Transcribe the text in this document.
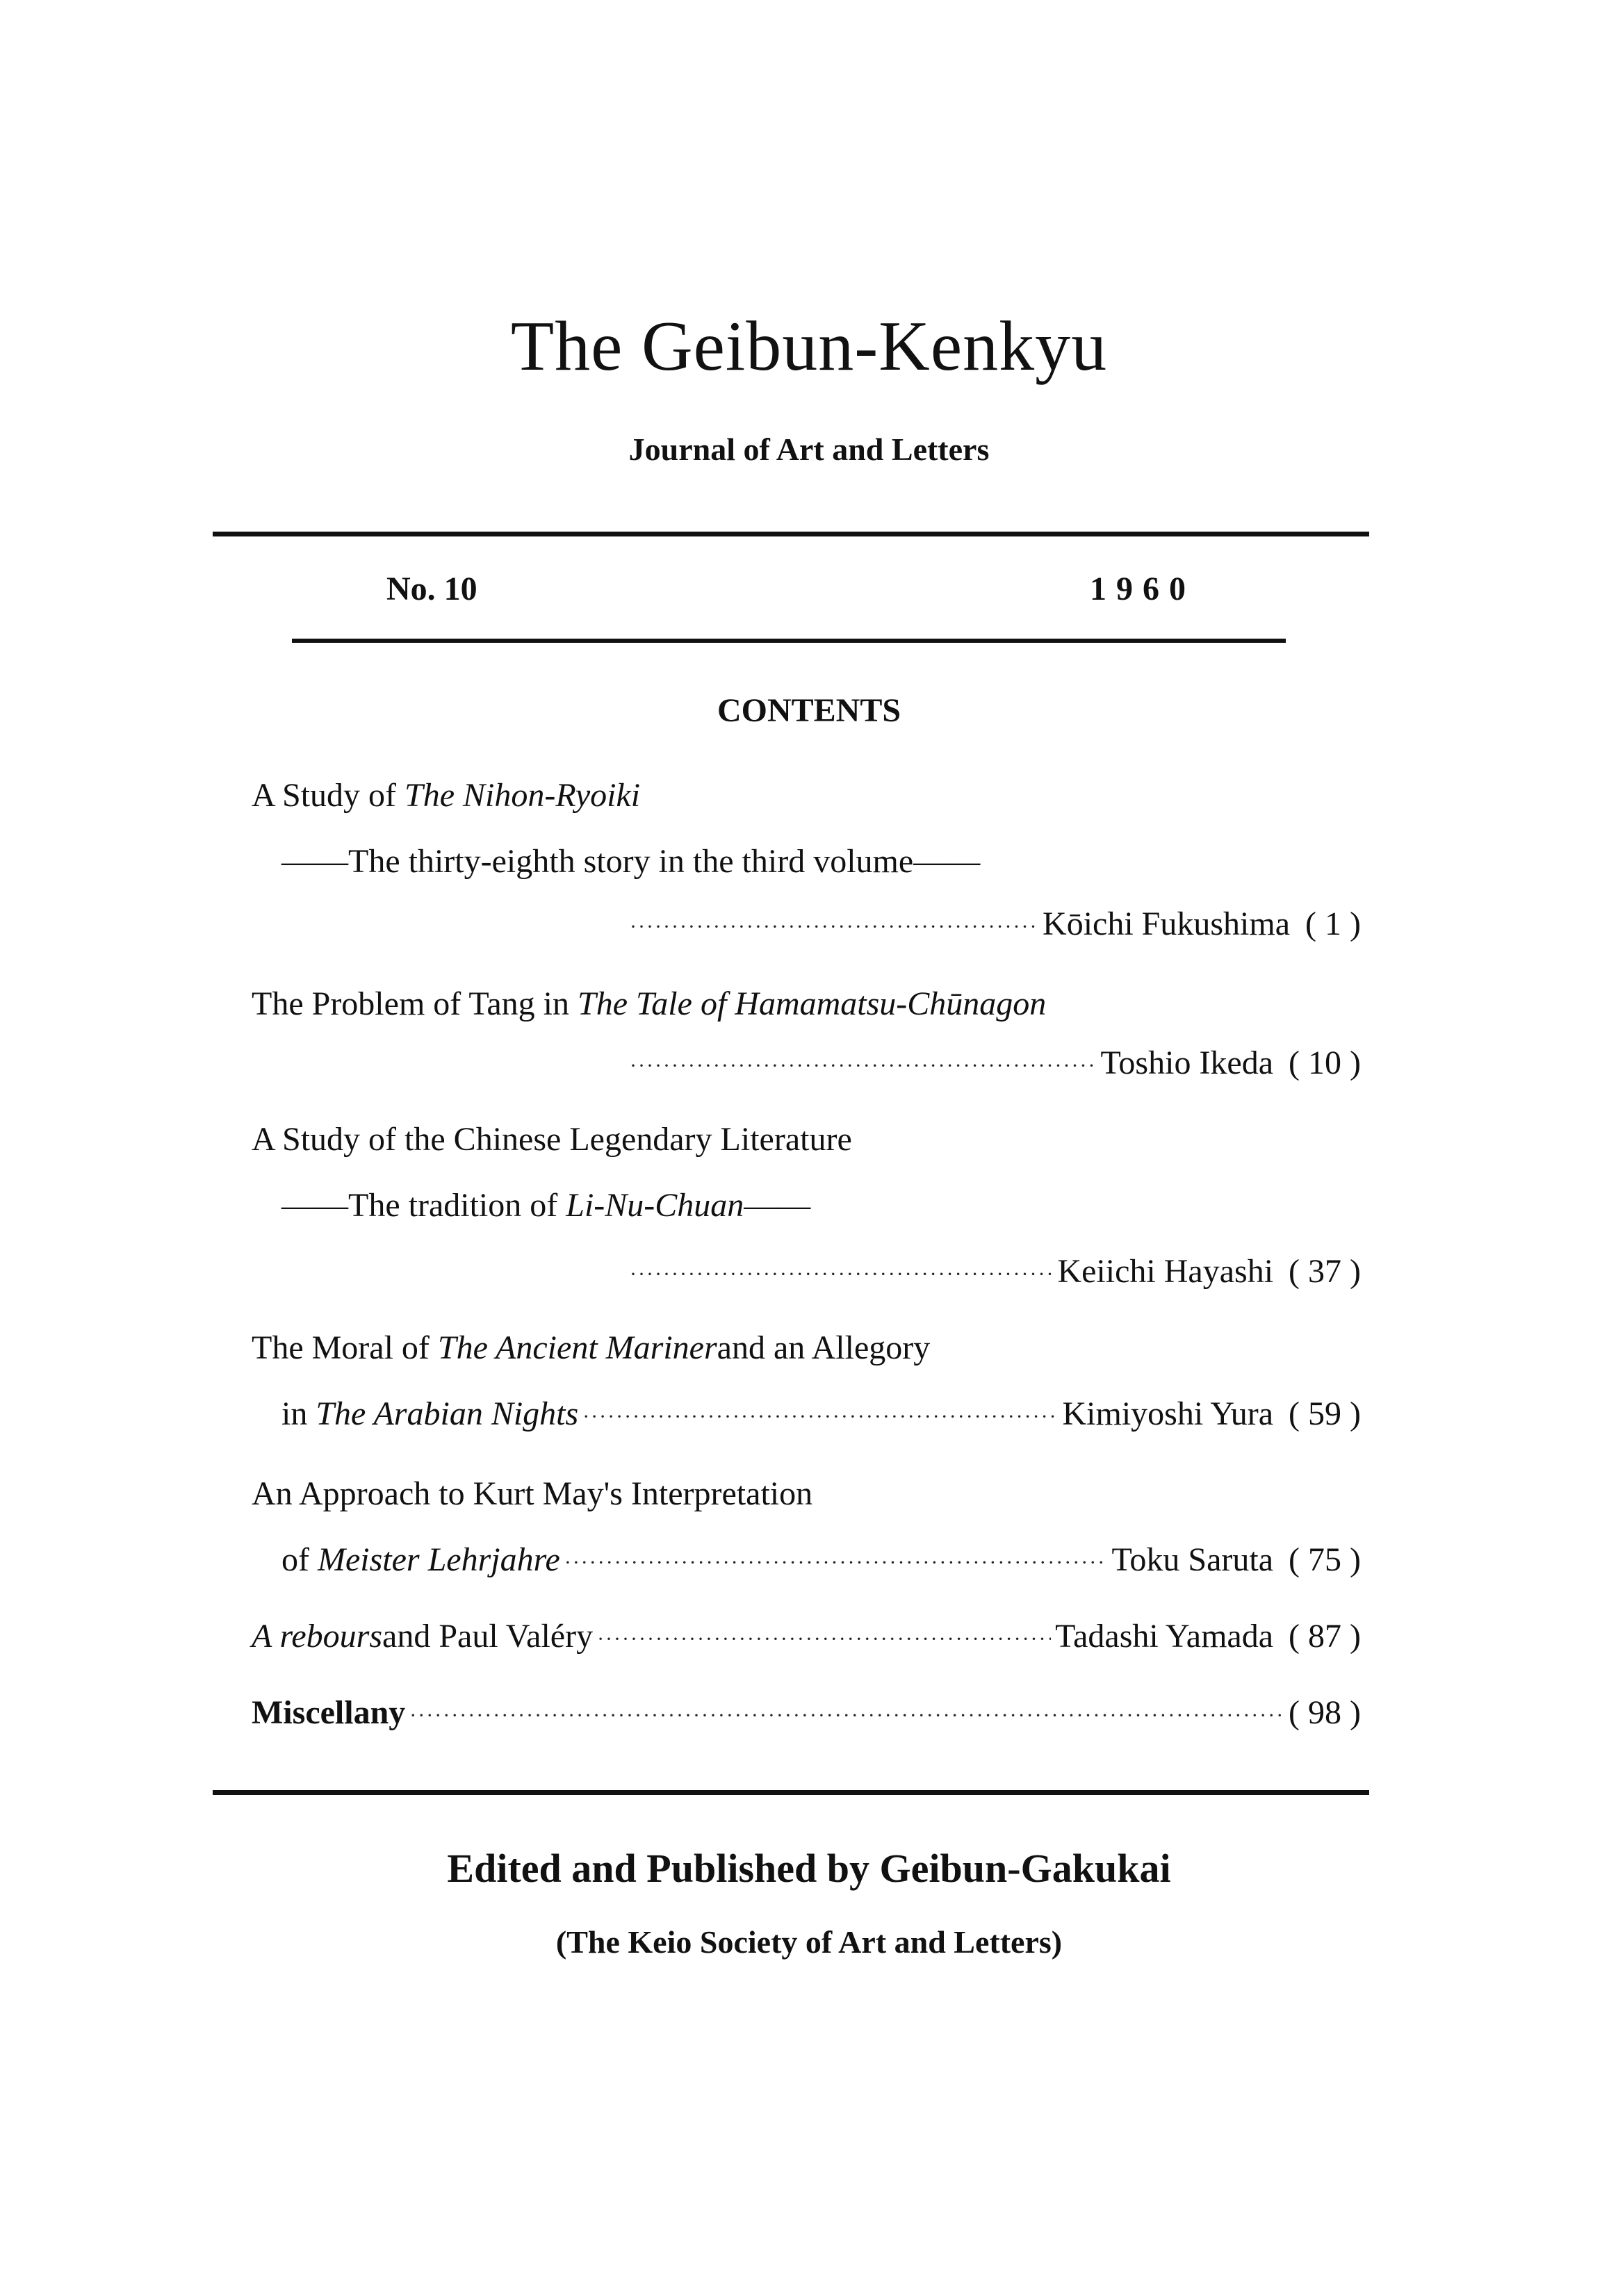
The Geibun-Kenkyu
Journal of Art and Letters
No. 10	1960
CONTENTS
A Study of
The Nihon-Ryoiki
——The thirty-eighth story in the third volume——
·····
Kōichi Fukushima ( 1 )
The Problem of Tang in
The Tale of Hamamatsu-Chūnagon
·····
Toshio Ikeda ( 10 )
A Study of the Chinese Legendary Literature
——The tradition of
Li-Nu-Chuan ——
·····
Keiichi Hayashi ( 37 )
The Moral of
The Ancient Mariner and an Allegory
in
The Arabian Nights ·····	Kimiyoshi Yura ( 59 )
An Approach to Kurt May's Interpretation
of
Meister Lehrjahre ·····	Toku Saruta ( 75 )
A rebours and Paul Valéry ·····	Tadashi Yamada ( 87 )
Miscellany ·····	( 98 )
Edited and Published by Geibun-Gakukai
(The Keio Society of Art and Letters)
